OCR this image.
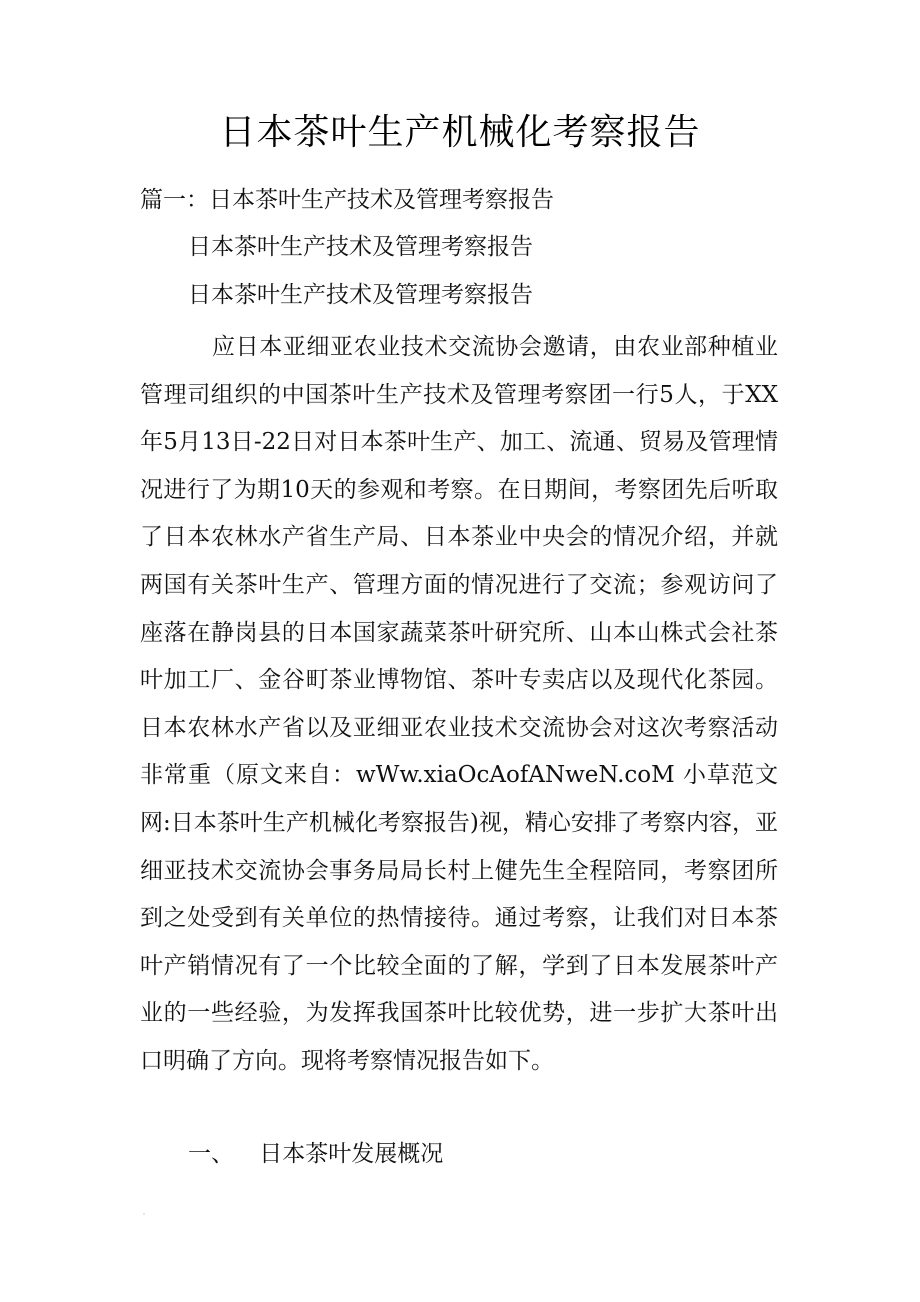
日本茶叶生产机械化考察报告
篇一：日本茶叶生产技术及管理考察报告
日本茶叶生产技术及管理考察报告
日本茶叶生产技术及管理考察报告
应日本亚细亚农业技术交流协会邀请，由农业部种植业管理司组织的中国茶叶生产技术及管理考察团一行5人，于XX年5月13日-22日对日本茶叶生产、加工、流通、贸易及管理情况进行了为期10天的参观和考察。在日期间，考察团先后听取了日本农林水产省生产局、日本茶业中央会的情况介绍，并就两国有关茶叶生产、管理方面的情况进行了交流；参观访问了座落在静岗县的日本国家蔬菜茶叶研究所、山本山株式会社茶叶加工厂、金谷町茶业博物馆、茶叶专卖店以及现代化茶园。日本农林水产省以及亚细亚农业技术交流协会对这次考察活动非常重（原文来自：wWw.xiaOcAofANweN.coM 小草范文网:日本茶叶生产机械化考察报告)视，精心安排了考察内容，亚细亚技术交流协会事务局局长村上健先生全程陪同，考察团所到之处受到有关单位的热情接待。通过考察，让我们对日本茶叶产销情况有了一个比较全面的了解，学到了日本发展茶叶产业的一些经验，为发挥我国茶叶比较优势，进一步扩大茶叶出口明确了方向。现将考察情况报告如下。
一、 日本茶叶发展概况
